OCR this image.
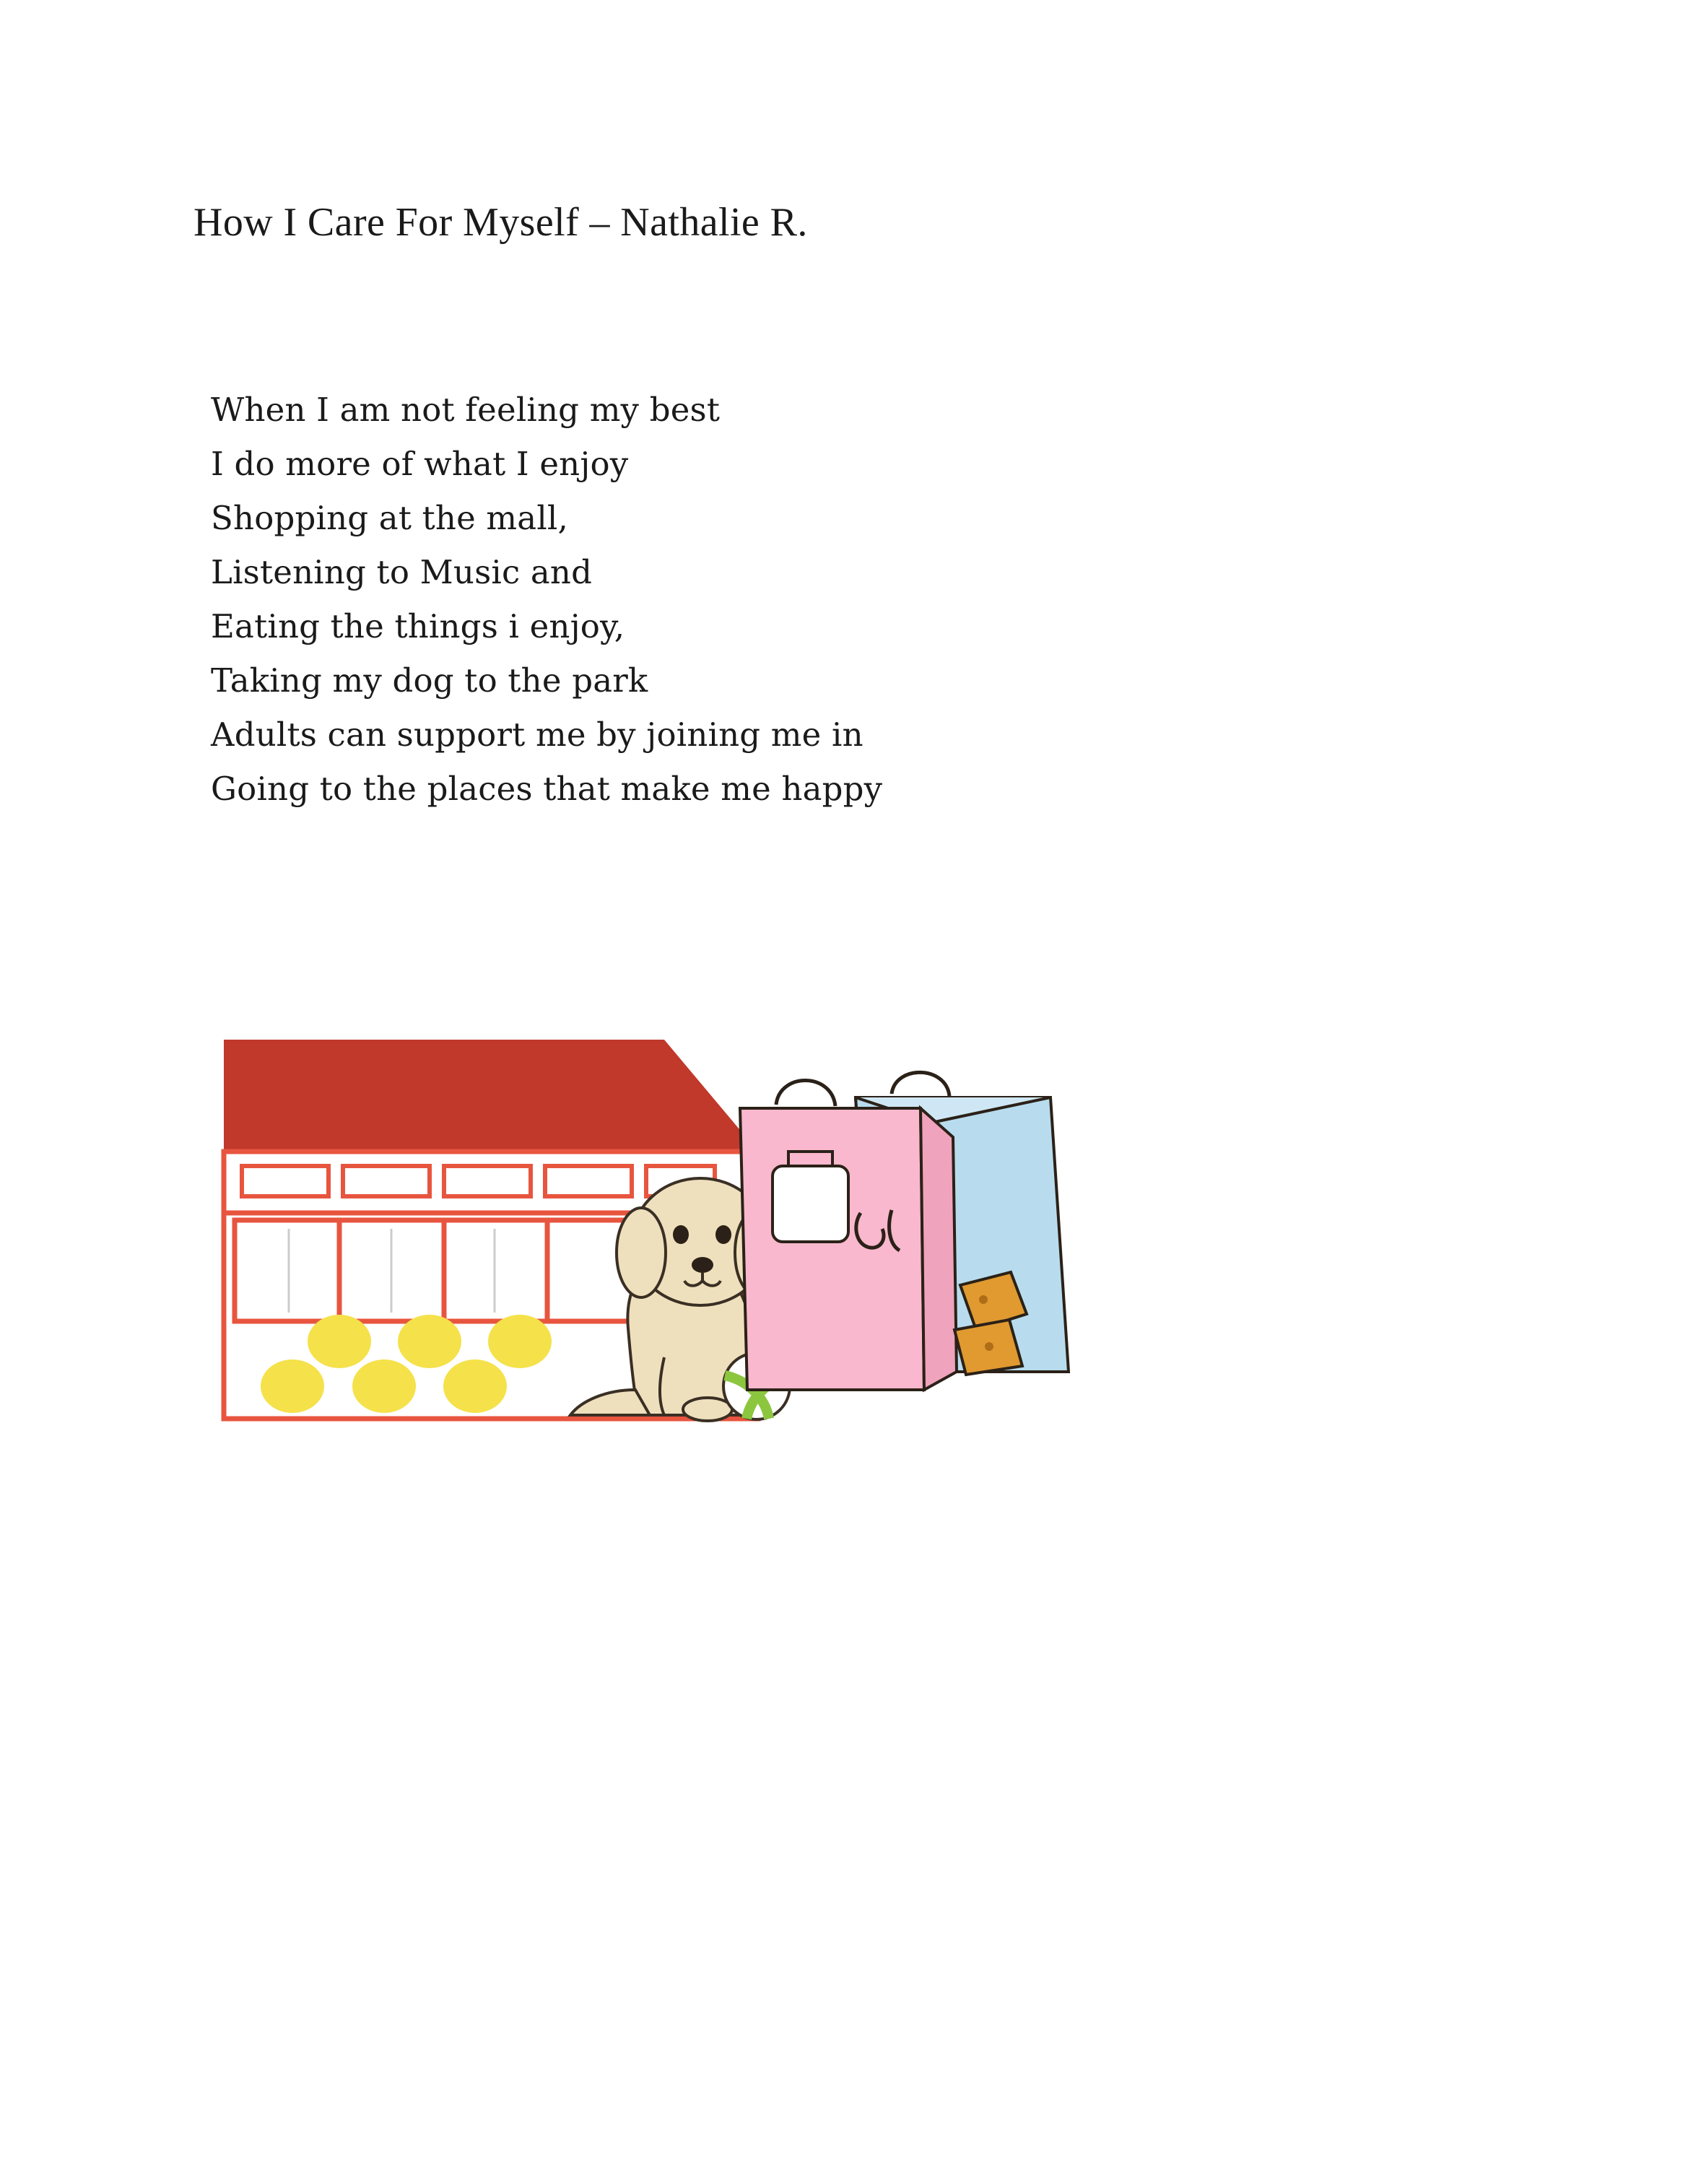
How I Care For Myself – Nathalie R.
When I am not feeling my best
I do more of what I enjoy
Shopping at the mall,
Listening to Music and
Eating the things i enjoy,
Taking my dog to the park
Adults can support me by joining me in
Going to the places that make me happy
